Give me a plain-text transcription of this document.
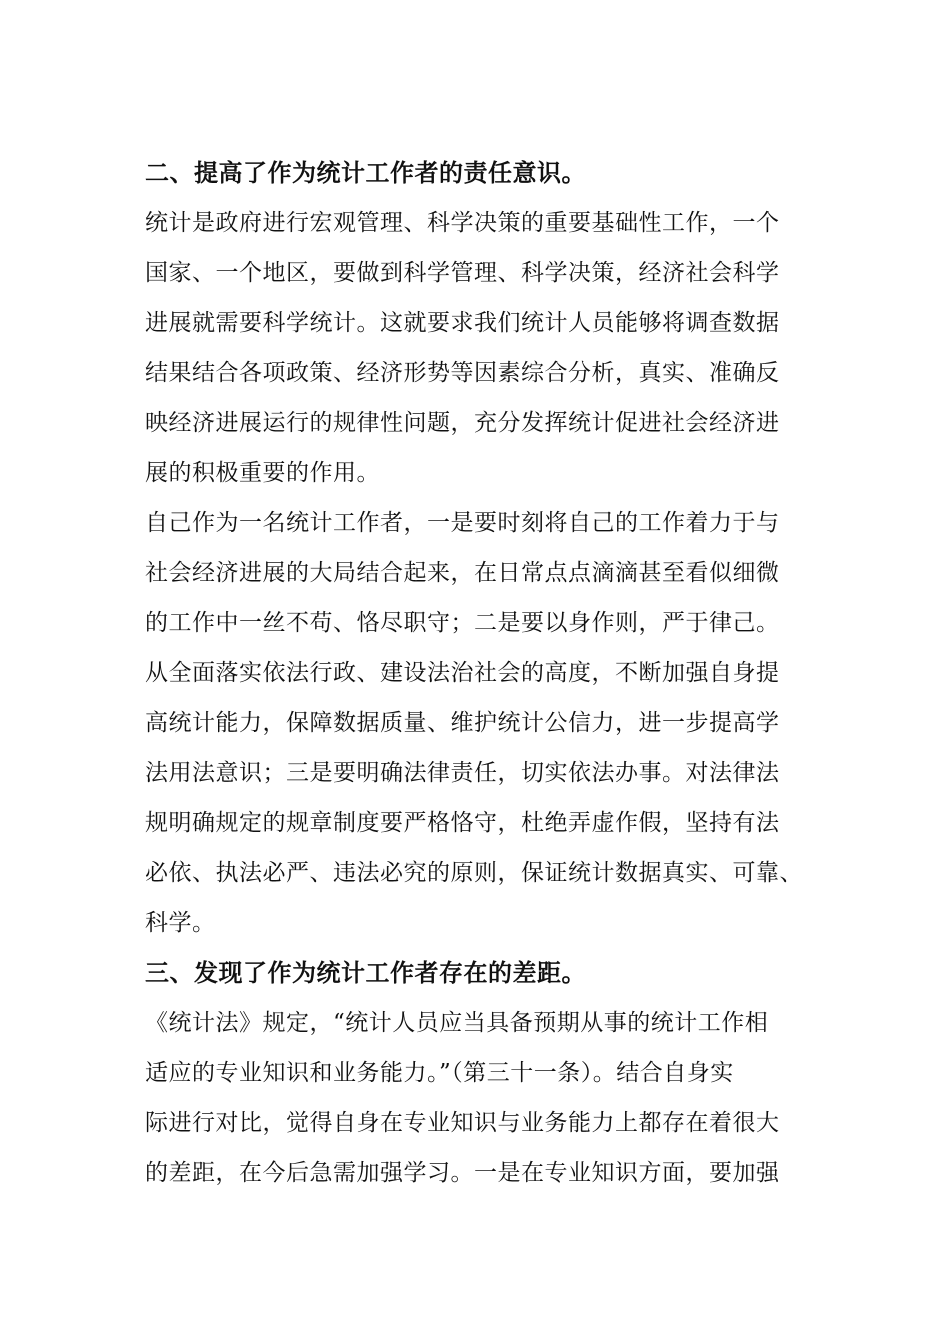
二、提高了作为统计工作者的责任意识。
统计是政府进行宏观管理、科学决策的重要基础性工作，一个
国家、一个地区，要做到科学管理、科学决策，经济社会科学
进展就需要科学统计。这就要求我们统计人员能够将调查数据
结果结合各项政策、经济形势等因素综合分析，真实、准确反
映经济进展运行的规律性问题，充分发挥统计促进社会经济进
展的积极重要的作用。
自己作为一名统计工作者，一是要时刻将自己的工作着力于与
社会经济进展的大局结合起来，在日常点点滴滴甚至看似细微
的工作中一丝不苟、恪尽职守；二是要以身作则，严于律己。
从全面落实依法行政、建设法治社会的高度，不断加强自身提
高统计能力，保障数据质量、维护统计公信力，进一步提高学
法用法意识；三是要明确法律责任，切实依法办事。对法律法
规明确规定的规章制度要严格恪守，杜绝弄虚作假，坚持有法
必依、执法必严、违法必究的原则，保证统计数据真实、可靠、
科学。
三、发现了作为统计工作者存在的差距。
《统计法》规定，“统计人员应当具备预期从事的统计工作相
适应的专业知识和业务能力。”（第三十一条）。结合自身实
际进行对比，觉得自身在专业知识与业务能力上都存在着很大
的差距，在今后急需加强学习。一是在专业知识方面，要加强
